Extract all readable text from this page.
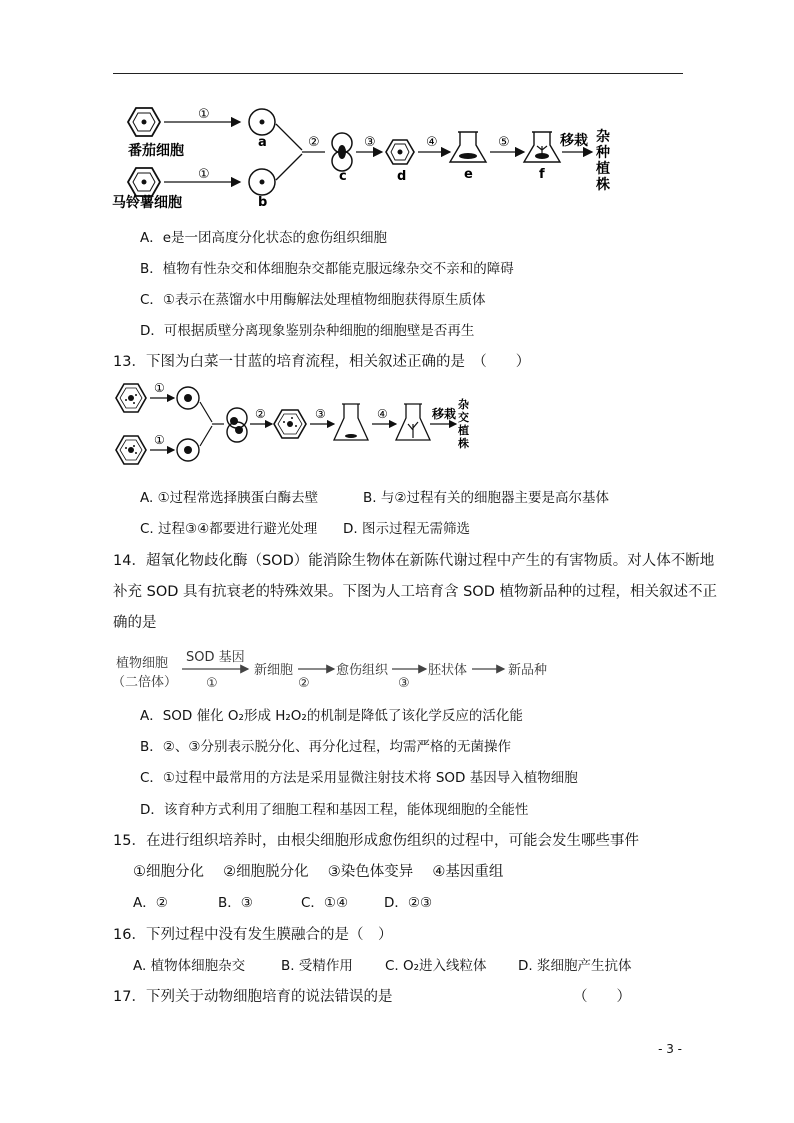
番茄细胞
①
a
马铃薯细胞
①
b
②
c
③
d
④
e
⑤
f
移栽 杂
种
植
株
A．e是一团高度分化状态的愈伤组织细胞
B．植物有性杂交和体细胞杂交都能克服远缘杂交不亲和的障碍
C．①表示在蒸馏水中用酶解法处理植物细胞获得原生质体
D．可根据质壁分离现象鉴别杂种细胞的细胞壁是否再生
13．下图为白菜一甘蓝的培育流程，相关叙述正确的是　（　　）
①
①
②	③	④	移栽
杂
交
植
株
A. ①过程常选择胰蛋白酶去壁	B. 与②过程有关的细胞器主要是高尔基体
C. 过程③④都要进行避光处理 D. 图示过程无需筛选
14．超氧化物歧化酶（SOD）能消除生物体在新陈代谢过程中产生的有害物质。对人体不断地
补充 SOD 具有抗衰老的特殊效果。下图为人工培育含 SOD 植物新品种的过程，相关叙述不正
确的是
植物细胞
（二倍体）
SOD 基因
①
新细胞
②
愈伤组织
③
胚状体	新品种
A．SOD 催化 O₂形成 H₂O₂的机制是降低了该化学反应的活化能
B．②、③分别表示脱分化、再分化过程，均需严格的无菌操作
C．①过程中最常用的方法是采用显微注射技术将 SOD 基因导入植物细胞
D．该育种方式利用了细胞工程和基因工程，能体现细胞的全能性
15．在进行组织培养时，由根尖细胞形成愈伤组织的过程中，可能会发生哪些事件
①细胞分化　 ②细胞脱分化　 ③染色体变异　 ④基因重组
A．②	B．③	C．①④	D．②③
16．下列过程中没有发生膜融合的是（　）
A. 植物体细胞杂交	B. 受精作用 C. O₂进入线粒体 D. 浆细胞产生抗体
17．下列关于动物细胞培育的说法错误的是	（　　）
- 3 -
